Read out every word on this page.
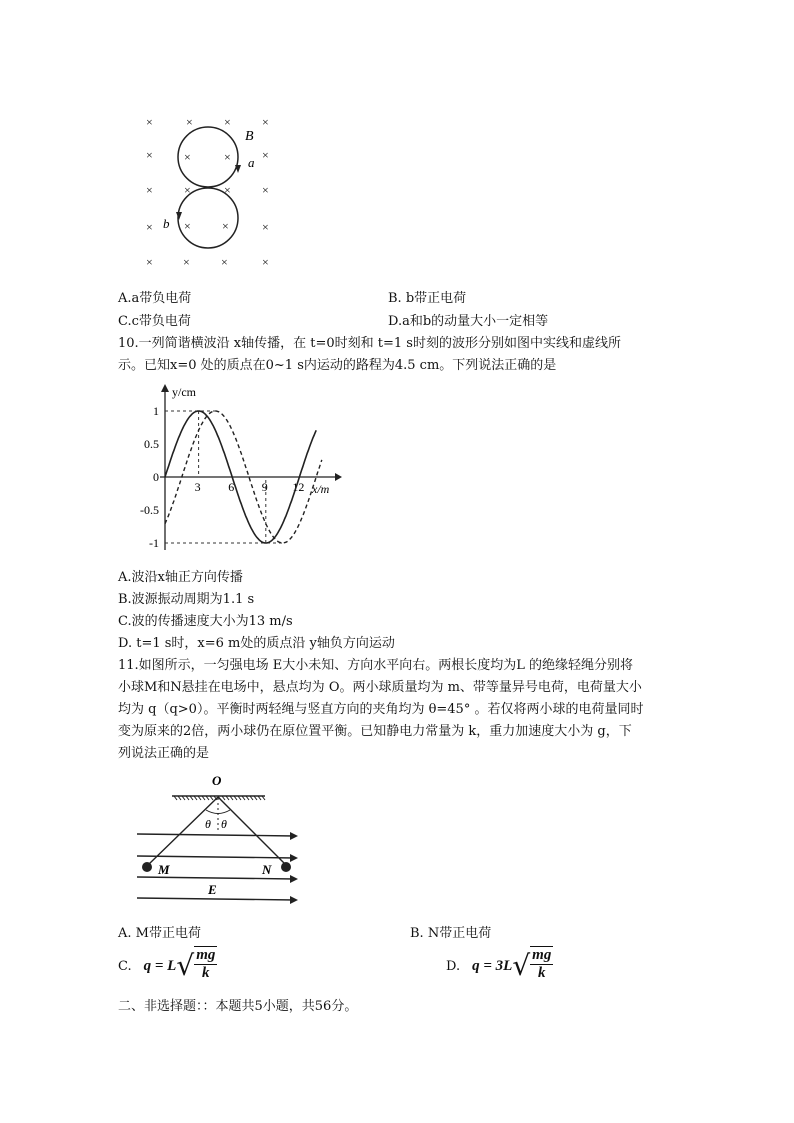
×	×	×	×
×	×	×	×
×	×	×	×
×	×	×	×
×	×	×	×
B
a
b
A.a带负电荷	B. b带正电荷
C.c带负电荷	D.a和b的动量大小一定相等
10.一列简谐横波沿 x轴传播，在 t=0时刻和 t=1 s时刻的波形分别如图中实线和虚线所
示。已知x=0 处的质点在0~1 s内运动的路程为4.5 cm。下列说法正确的是
y/cm
x/m
3 6 9 12
1
0.5
0
-0.5
-1
A.波沿x轴正方向传播
B.波源振动周期为1.1 s
C.波的传播速度大小为13 m/s
D. t=1 s时，x=6 m处的质点沿 y轴负方向运动
11.如图所示，一匀强电场 E大小未知、方向水平向右。两根长度均为L 的绝缘轻绳分别将
小球M和N悬挂在电场中，悬点均为 O。两小球质量均为 m、带等量异号电荷，电荷量大小
均为 q（q>0）。平衡时两轻绳与竖直方向的夹角均为 θ=45° 。若仅将两小球的电荷量同时
变为原来的2倍，两小球仍在原位置平衡。已知静电力常量为 k，重力加速度大小为 g，下
列说法正确的是
O
θ θ
M	N
E
A. M带正电荷	B. N带正电荷
C. q = L √ $\frac{mg}{k}$	D. q = 3L √ $\frac{mg}{k}$
二、非选择题：：本题共5小题，共56分。
